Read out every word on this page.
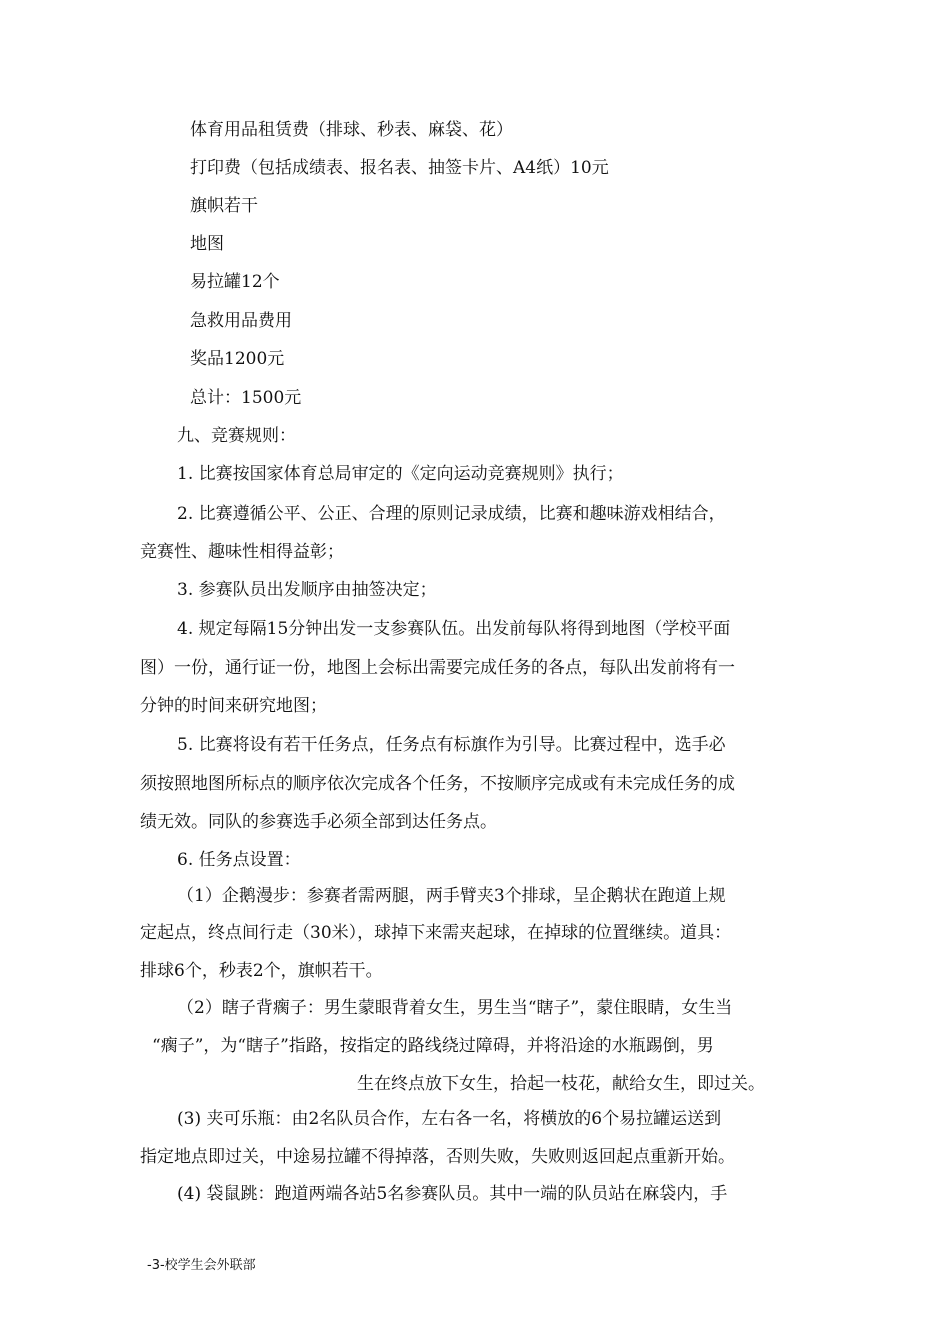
体育用品租赁费（排球、秒表、麻袋、花）
打印费（包括成绩表、报名表、抽签卡片、A4纸）10元
旗帜若干
地图
易拉罐12个
急救用品费用
奖品1200元
总计：1500元
九、竞赛规则：
1. 比赛按国家体育总局审定的《定向运动竞赛规则》执行；
2. 比赛遵循公平、公正、合理的原则记录成绩，比赛和趣味游戏相结合，
竞赛性、趣味性相得益彰；
3. 参赛队员出发顺序由抽签决定；
4. 规定每隔15分钟出发一支参赛队伍。出发前每队将得到地图（学校平面
图）一份，通行证一份，地图上会标出需要完成任务的各点，每队出发前将有一
分钟的时间来研究地图；
5. 比赛将设有若干任务点，任务点有标旗作为引导。比赛过程中，选手必
须按照地图所标点的顺序依次完成各个任务，不按顺序完成或有未完成任务的成
绩无效。同队的参赛选手必须全部到达任务点。
6. 任务点设置：
（1）企鹅漫步：参赛者需两腿，两手臂夹3个排球，呈企鹅状在跑道上规
定起点，终点间行走（30米），球掉下来需夹起球，在掉球的位置继续。道具：
排球6个，秒表2个，旗帜若干。
（2）瞎子背瘸子：男生蒙眼背着女生，男生当“瞎子”，蒙住眼睛，女生当
“瘸子”，为“瞎子”指路，按指定的路线绕过障碍，并将沿途的水瓶踢倒，男
生在终点放下女生，拾起一枝花，献给女生，即过关。
(3) 夹可乐瓶：由2名队员合作，左右各一名，将横放的6个易拉罐运送到
指定地点即过关，中途易拉罐不得掉落，否则失败，失败则返回起点重新开始。
(4) 袋鼠跳：跑道两端各站5名参赛队员。其中一端的队员站在麻袋内，手
-3-校学生会外联部
